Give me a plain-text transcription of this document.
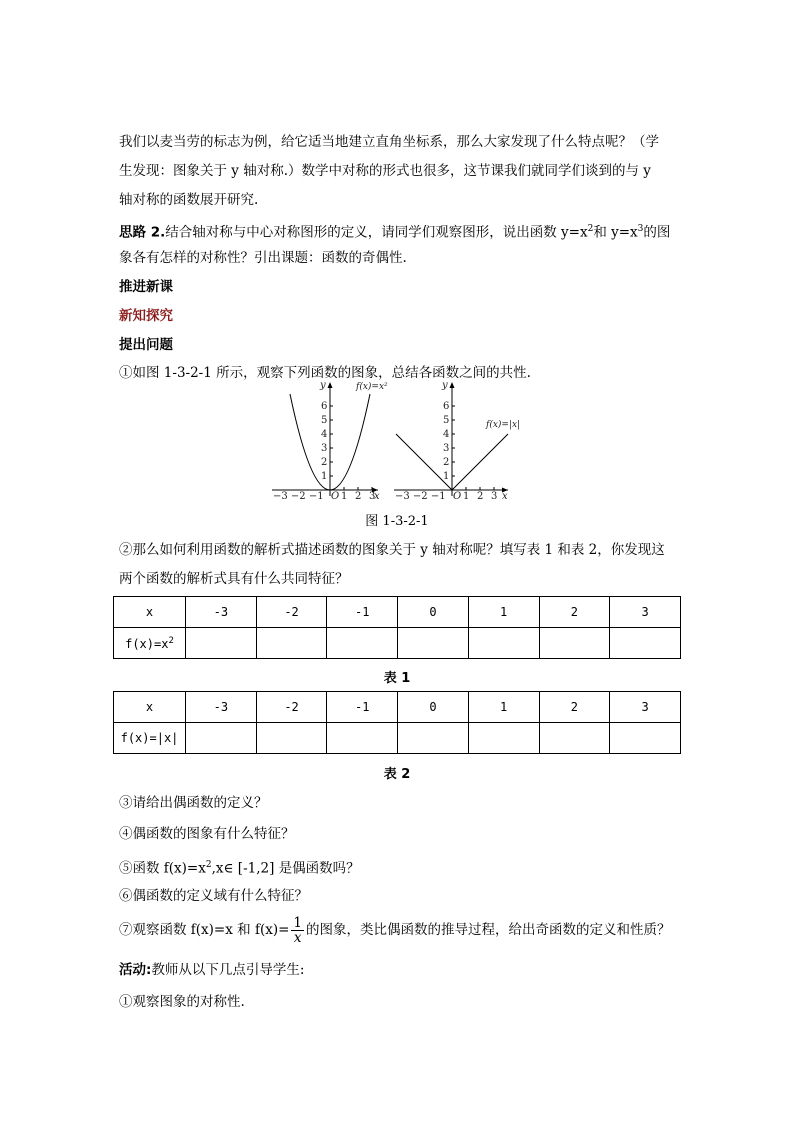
我们以麦当劳的标志为例，给它适当地建立直角坐标系，那么大家发现了什么特点呢？（学
生发现：图象关于 y 轴对称.）数学中对称的形式也很多，这节课我们就同学们谈到的与 y
轴对称的函数展开研究.
思路 2.结合轴对称与中心对称图形的定义，请同学们观察图形，说出函数 $y=x^2$和 $y=x^3$的图
象各有怎样的对称性？引出课题：函数的奇偶性.
推进新课
新知探究
提出问题
①如图 1-3-2-1 所示，观察下列函数的图象，总结各函数之间的共性.
1
2
3
4
5
6
y
−3 −2 −1 O 1 2 3
x
f(x)=x²
1
2
3
4
5
6
y
−3 −2 −1 O 1 2 3 x
f(x)=|x|
图 1-3-2-1
②那么如何利用函数的解析式描述函数的图象关于 y 轴对称呢？填写表 1 和表 2，你发现这
两个函数的解析式具有什么共同特征？
x	-3	-2	-1	0	1	2	3
$f(x)=x^2$							
表 1
x	-3	-2	-1	0	1	2	3
f(x)=|x|							
表 2
③请给出偶函数的定义？
④偶函数的图象有什么特征？
⑤函数 $f(x)=x^2,x\in$ [-1,2] 是偶函数吗？
⑥偶函数的定义域有什么特征？
⑦观察函数 f(x)=x 和 $f(x)= \frac{1}{x}$ 的图象，类比偶函数的推导过程，给出奇函数的定义和性质？
活动:教师从以下几点引导学生:
①观察图象的对称性.
